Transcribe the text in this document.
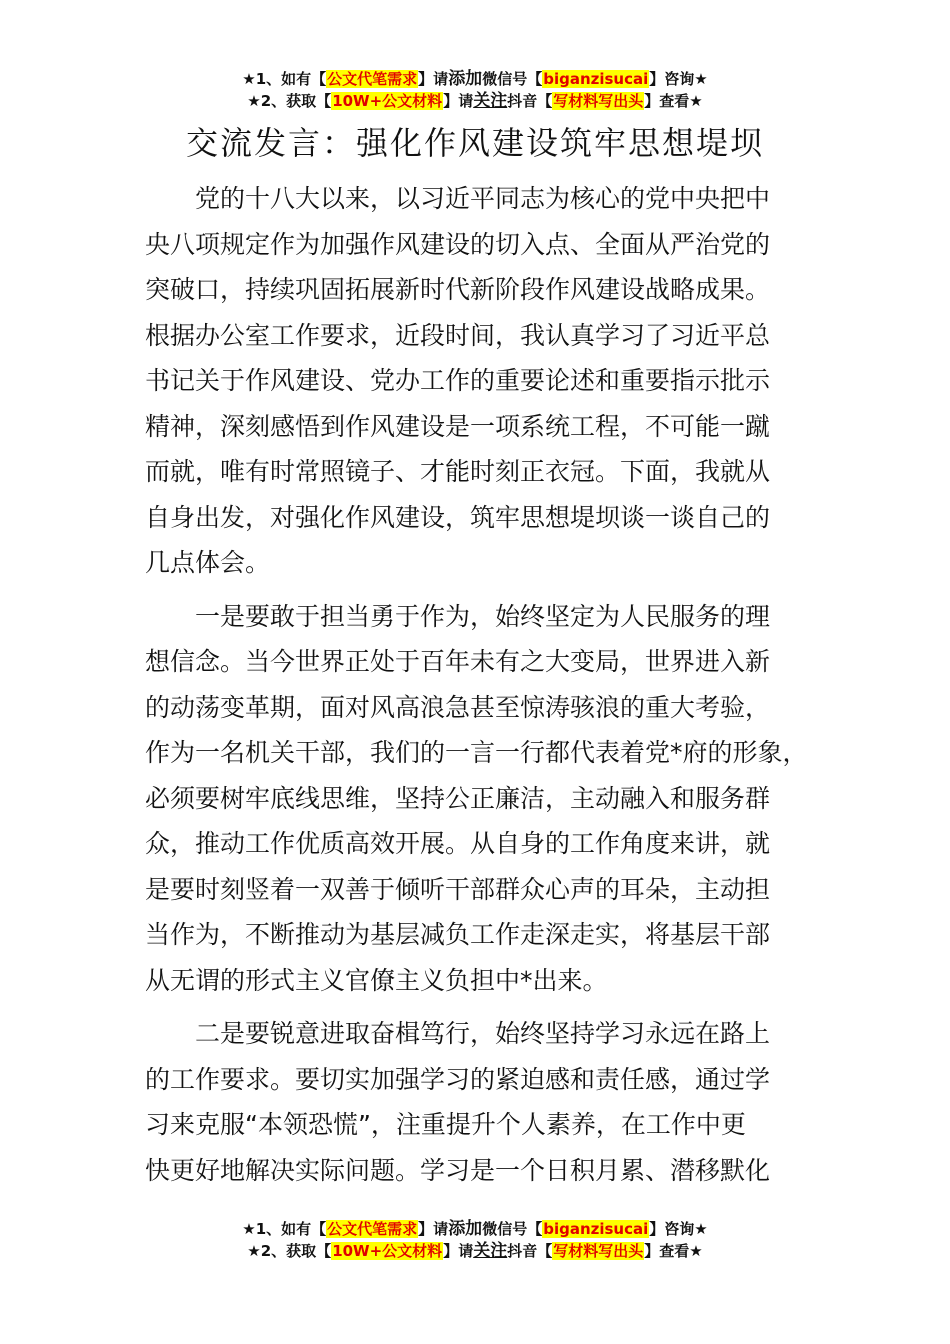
★1、如有【公文代笔需求】请添加微信号【biganzisucai】咨询★
★2、获取【10W+公文材料】请关注抖音【写材料写出头】查看★
交流发言：强化作风建设筑牢思想堤坝
党的十八大以来，以习近平同志为核心的党中央把中
央八项规定作为加强作风建设的切入点、全面从严治党的
突破口，持续巩固拓展新时代新阶段作风建设战略成果。
根据办公室工作要求，近段时间，我认真学习了习近平总
书记关于作风建设、党办工作的重要论述和重要指示批示
精神，深刻感悟到作风建设是一项系统工程，不可能一蹴
而就，唯有时常照镜子、才能时刻正衣冠。下面，我就从
自身出发，对强化作风建设，筑牢思想堤坝谈一谈自己的
几点体会。
一是要敢于担当勇于作为，始终坚定为人民服务的理
想信念。当今世界正处于百年未有之大变局，世界进入新
的动荡变革期，面对风高浪急甚至惊涛骇浪的重大考验，
作为一名机关干部，我们的一言一行都代表着党*府的形象，
必须要树牢底线思维，坚持公正廉洁，主动融入和服务群
众，推动工作优质高效开展。从自身的工作角度来讲，就
是要时刻竖着一双善于倾听干部群众心声的耳朵，主动担
当作为，不断推动为基层减负工作走深走实，将基层干部
从无谓的形式主义官僚主义负担中*出来。
二是要锐意进取奋楫笃行，始终坚持学习永远在路上
的工作要求。要切实加强学习的紧迫感和责任感，通过学
习来克服“本领恐慌”，注重提升个人素养，在工作中更
快更好地解决实际问题。学习是一个日积月累、潜移默化
★1、如有【公文代笔需求】请添加微信号【biganzisucai】咨询★
★2、获取【10W+公文材料】请关注抖音【写材料写出头】查看★
